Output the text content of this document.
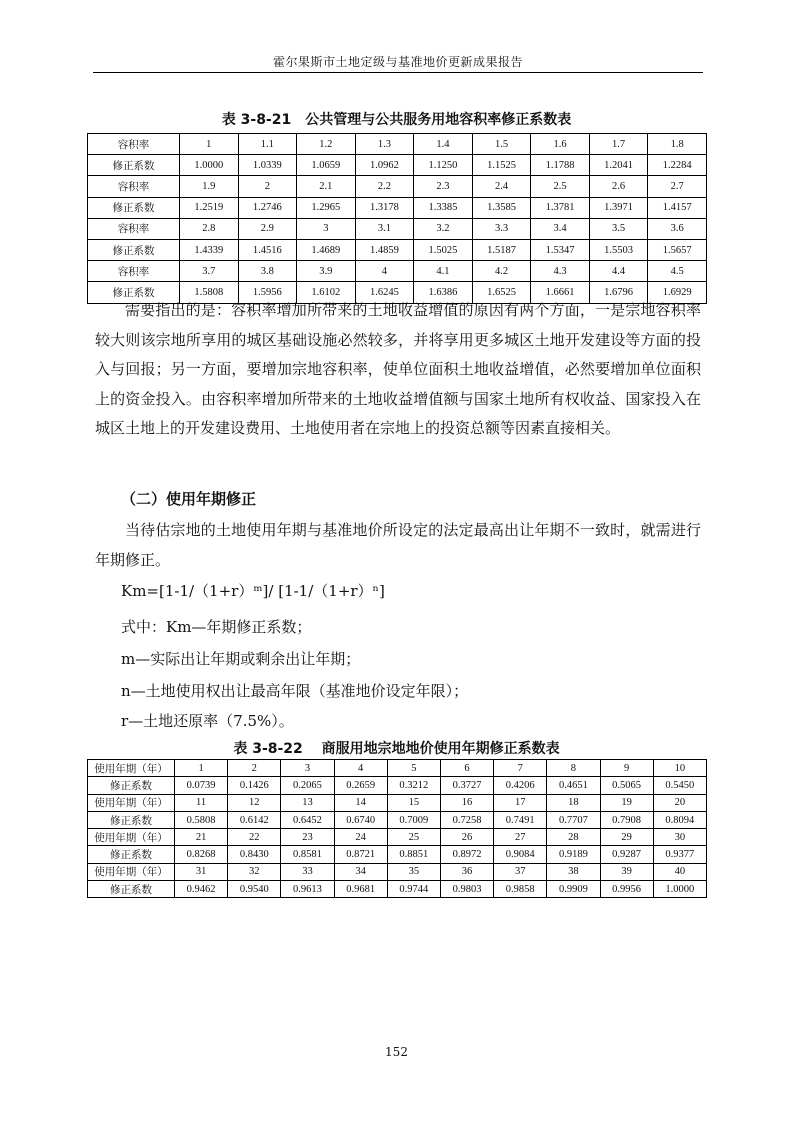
霍尔果斯市土地定级与基准地价更新成果报告
表 3-8-21　公共管理与公共服务用地容积率修正系数表
容积率	1	1.1	1.2	1.3	1.4	1.5	1.6	1.7	1.8
修正系数	1.0000	1.0339	1.0659	1.0962	1.1250	1.1525	1.1788	1.2041	1.2284
容积率	1.9	2	2.1	2.2	2.3	2.4	2.5	2.6	2.7
修正系数	1.2519	1.2746	1.2965	1.3178	1.3385	1.3585	1.3781	1.3971	1.4157
容积率	2.8	2.9	3	3.1	3.2	3.3	3.4	3.5	3.6
修正系数	1.4339	1.4516	1.4689	1.4859	1.5025	1.5187	1.5347	1.5503	1.5657
容积率	3.7	3.8	3.9	4	4.1	4.2	4.3	4.4	4.5
修正系数	1.5808	1.5956	1.6102	1.6245	1.6386	1.6525	1.6661	1.6796	1.6929

需要指出的是：容积率增加所带来的土地收益增值的原因有两个方面，一是宗地容积率较大则该宗地所享用的城区基础设施必然较多，并将享用更多城区土地开发建设等方面的投入与回报；另一方面，要增加宗地容积率，使单位面积土地收益增值，必然要增加单位面积上的资金投入。由容积率增加所带来的土地收益增值额与国家土地所有权收益、国家投入在城区土地上的开发建设费用、土地使用者在宗地上的投资总额等因素直接相关。

（二）使用年期修正

当待估宗地的土地使用年期与基准地价所设定的法定最高出让年期不一致时，就需进行年期修正。

Km=[1-1/（1+r）ᵐ]/ [1-1/（1+r）ⁿ]
式中：Km—年期修正系数；
m—实际出让年期或剩余出让年期；
n—土地使用权出让最高年限（基准地价设定年限）；
r—土地还原率（7.5%）。
表 3-8-22　 商服用地宗地地价使用年期修正系数表
使用年期（年）	1	2	3	4	5	6	7	8	9	10
修正系数	0.0739	0.1426	0.2065	0.2659	0.3212	0.3727	0.4206	0.4651	0.5065	0.5450
使用年期（年）	11	12	13	14	15	16	17	18	19	20
修正系数	0.5808	0.6142	0.6452	0.6740	0.7009	0.7258	0.7491	0.7707	0.7908	0.8094
使用年期（年）	21	22	23	24	25	26	27	28	29	30
修正系数	0.8268	0.8430	0.8581	0.8721	0.8851	0.8972	0.9084	0.9189	0.9287	0.9377
使用年期（年）	31	32	33	34	35	36	37	38	39	40
修正系数	0.9462	0.9540	0.9613	0.9681	0.9744	0.9803	0.9858	0.9909	0.9956	1.0000
152
